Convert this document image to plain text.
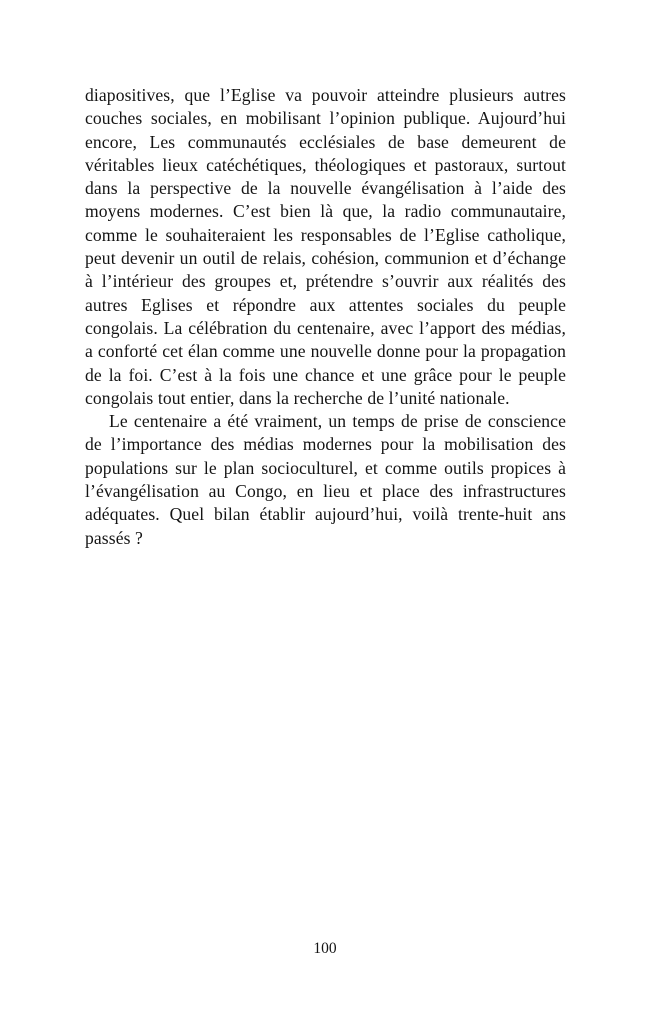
diapositives, que l’Eglise va pouvoir atteindre plusieurs autres couches sociales, en mobilisant l’opinion publique. Aujourd’hui encore, Les communautés ecclésiales de base demeurent de véritables lieux catéchétiques, théologiques et pastoraux, surtout dans la perspective de la nouvelle évangélisation à l’aide des moyens modernes. C’est bien là que, la radio communautaire, comme le souhaiteraient les responsables de l’Eglise catholique, peut devenir un outil de relais, cohésion, communion et d’échange à l’intérieur des groupes et, prétendre s’ouvrir aux réalités des autres Eglises et répondre aux attentes sociales du peuple congolais. La célébration du centenaire, avec l’apport des médias, a conforté cet élan comme une nouvelle donne pour la propagation de la foi. C’est à la fois une chance et une grâce pour le peuple congolais tout entier, dans la recherche de l’unité nationale.

Le centenaire a été vraiment, un temps de prise de conscience de l’importance des médias modernes pour la mobilisation des populations sur le plan socioculturel, et comme outils propices à l’évangélisation au Congo, en lieu et place des infrastructures adéquates. Quel bilan établir aujourd’hui, voilà trente-huit ans passés ?

100
